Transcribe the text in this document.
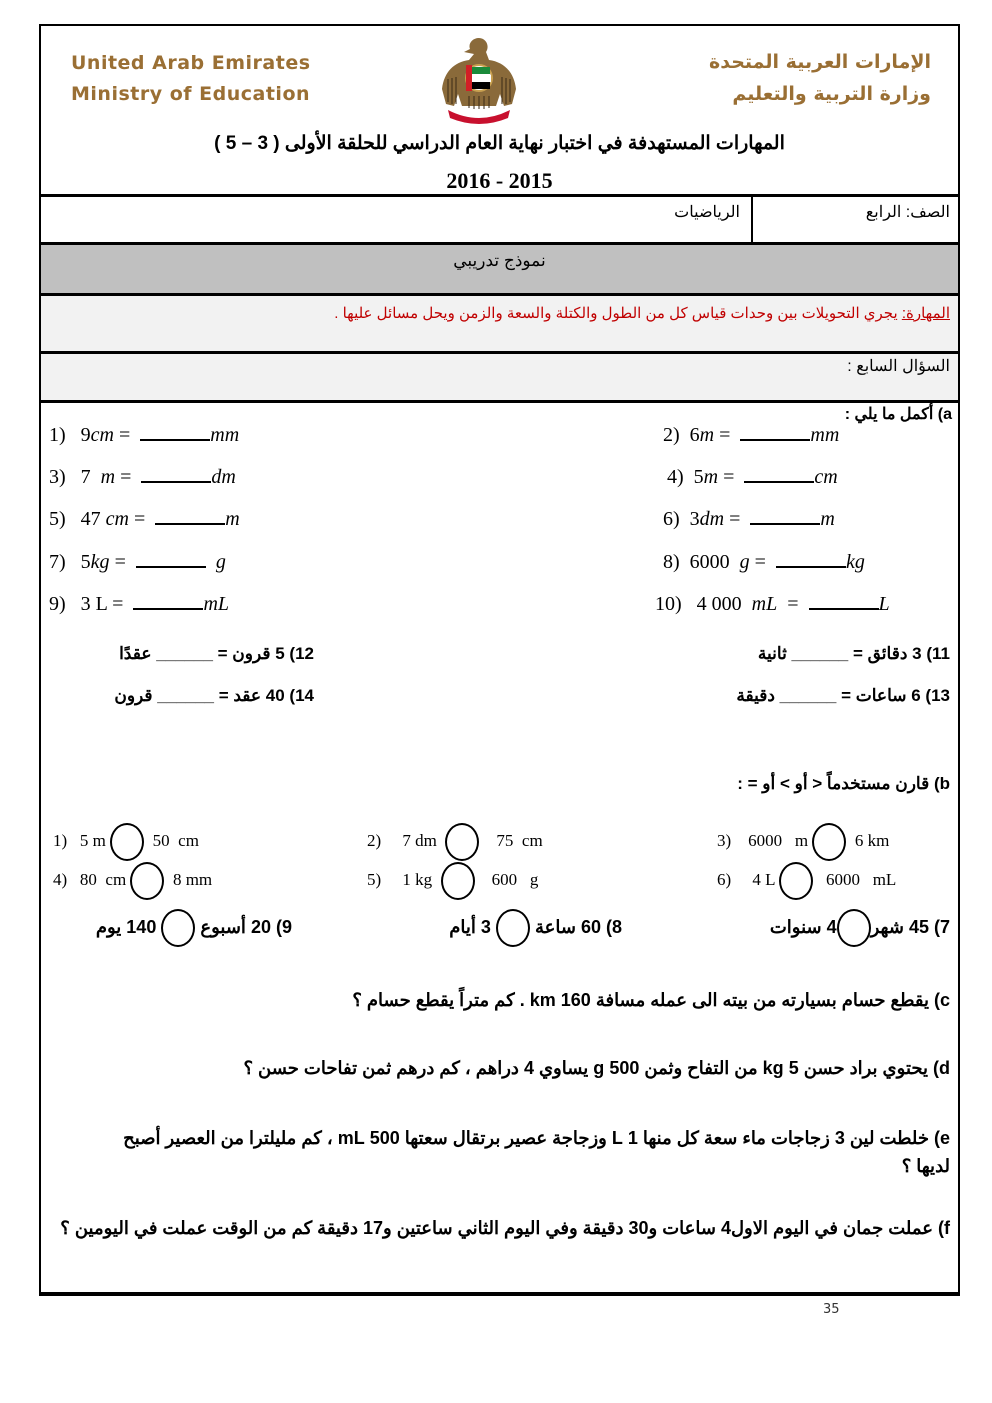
United Arab Emirates
Ministry of Education
الإمارات العربية المتحدة
وزارة التربية والتعليم
المهارات المستهدفة في اختبار نهاية العام الدراسي للحلقة الأولى ( 3 – 5 )
2016 - 2015
الصف: الرابع
الرياضيات
نموذج تدريبي
المهارة: يجري التحويلات بين وحدات قياس كل من الطول والكتلة والسعة والزمن ويحل مسائل عليها .
السؤال السابع :
a) أكمل ما يلي :
1) 9cm =	mm
3) 7 m =	dm
5) 47 cm =	m
7) 5kg =	g
9) 3 L =	mL
2) 6m =	mm
4) 5m =	cm
6) 3dm =	m
8) 6000 g =	kg
10) 4 000 mL  =	L
11) 3 دقائق = ______ ثانية
12) 5 قرون = ______ عقدًا
13) 6 ساعات = ______ دقيقة
14) 40 عقد = ______ قرون
b) قارن مستخدماً < أو > أو = :
1) 5 m	50  cm	2) 7 dm	75  cm	3) 6000   m	6 km
4) 80  cm	8 mm	5) 1 kg	600   g	6) 4 L	6000   mL
7) 45 شهر4 سنوات
8) 60 ساعة  3 أيام
9) 20 أسبوع  140 يوم
c) يقطع حسام بسيارته من بيته الى عمله مسافة 160 km . كم متراً يقطع حسام ؟
d) يحتوي براد حسن 5 kg من التفاح وثمن 500 g يساوي 4 دراهم ، كم درهم ثمن تفاحات حسن ؟
e) خلطت لين 3 زجاجات ماء سعة كل منها 1 L وزجاجة عصير برتقال سعتها 500 mL ، كم مليلترا من العصير أصبح لديها ؟
f) عملت جمان في اليوم الاول4 ساعات و30 دقيقة وفي اليوم الثاني ساعتين و17 دقيقة كم من الوقت عملت في اليومين ؟
35
